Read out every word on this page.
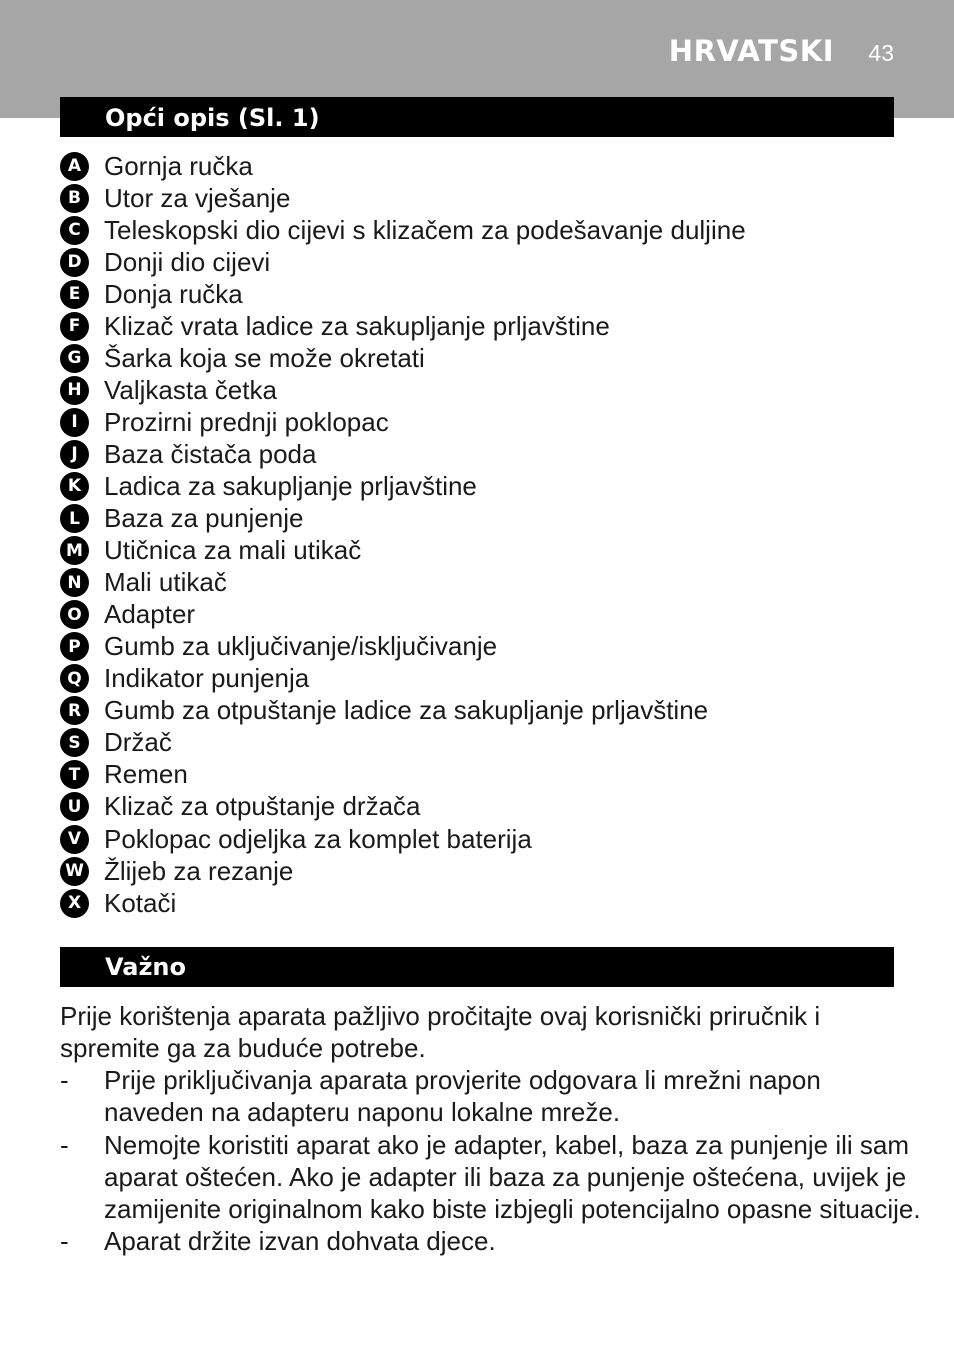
HRVATSKI 43
Opći opis (Sl. 1)
A Gornja ručka
B Utor za vješanje
C Teleskopski dio cijevi s klizačem za podešavanje duljine
D Donji dio cijevi
E Donja ručka
F Klizač vrata ladice za sakupljanje prljavštine
G Šarka koja se može okretati
H Valjkasta četka
I	Prozirni prednji poklopac
J	Baza čistača poda
K Ladica za sakupljanje prljavštine
L Baza za punjenje
M Utičnica za mali utikač
N Mali utikač
O Adapter
P Gumb za uključivanje/isključivanje
Q Indikator punjenja
R Gumb za otpuštanje ladice za sakupljanje prljavštine
S Držač
T Remen
U Klizač za otpuštanje držača
V Poklopac odjeljka za komplet baterija
W Žlijeb za rezanje
X Kotači
Važno
Prije korištenja aparata pažljivo pročitajte ovaj korisnički priručnik i spremite ga za buduće potrebe.
-	Prije priključivanja aparata provjerite odgovara li mrežni napon
naveden na adapteru naponu lokalne mreže.
-	Nemojte koristiti aparat ako je adapter, kabel, baza za punjenje ili sam
aparat oštećen. Ako je adapter ili baza za punjenje oštećena, uvijek je
zamijenite originalnom kako biste izbjegli potencijalno opasne situacije.
-	Aparat držite izvan dohvata djece.
